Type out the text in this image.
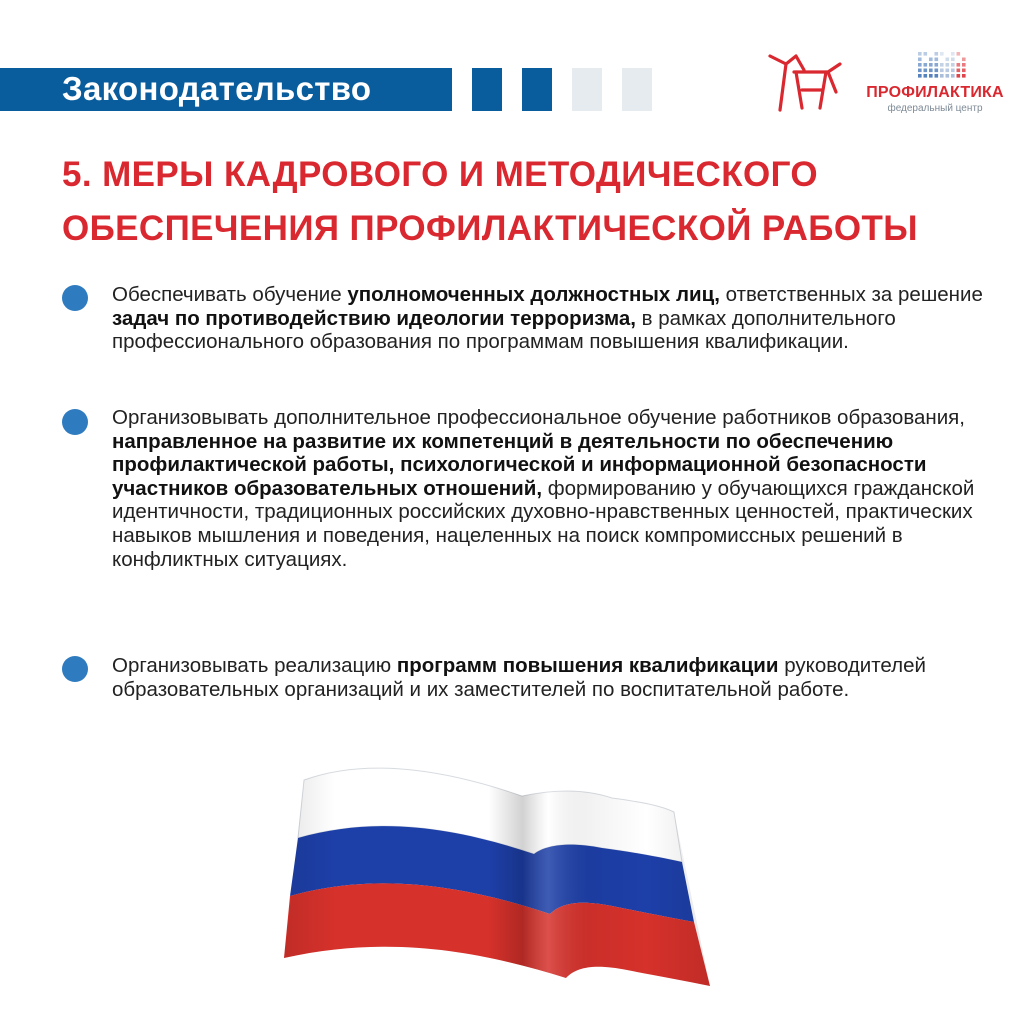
Законодательство	ПРОФИЛАКТИКА
федеральный центр
5. МЕРЫ КАДРОВОГО И МЕТОДИЧЕСКОГО
ОБЕСПЕЧЕНИЯ ПРОФИЛАКТИЧЕСКОЙ РАБОТЫ

Обеспечивать обучение уполномоченных должностных лиц, ответственных за решение задач по противодействию идеологии терроризма, в рамках дополнительного профессионального образования по программам повышения квалификации.

Организовывать дополнительное профессиональное обучение работников образования, направленное на развитие их компетенций в деятельности по обеспечению профилактической работы, психологической и информационной безопасности участников образовательных отношений, формированию у обучающихся гражданской идентичности, традиционных российских духовно-нравственных ценностей, практических навыков мышления и поведения, нацеленных на поиск компромиссных решений в конфликтных ситуациях.

Организовывать реализацию программ повышения квалификации руководителей образовательных организаций и их заместителей по воспитательной работе.
